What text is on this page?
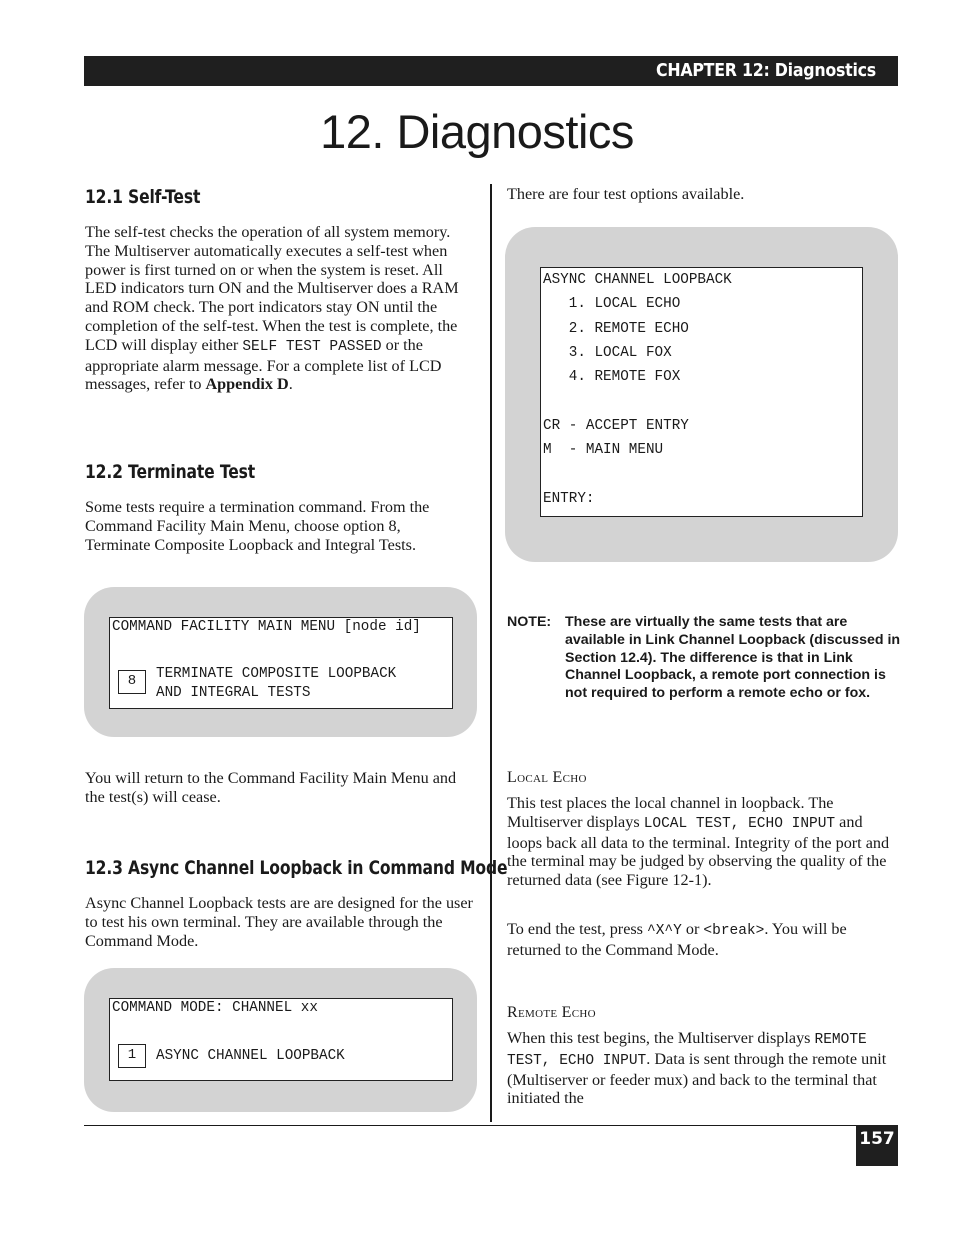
CHAPTER 12: Diagnostics
12. Diagnostics
12.1 Self-Test

The self-test checks the operation of all system memory. The Multiserver automatically executes a self-test when power is first turned on or when the system is reset. All LED indicators turn ON and the Multiserver does a RAM and ROM check. The port indicators stay ON until the completion of the self-test. When the test is complete, the LCD will display either SELF TEST PASSED or the appropriate alarm message. For a complete list of LCD messages, refer to Appendix D.

12.2 Terminate Test

Some tests require a termination command. From the Command Facility Main Menu, choose option 8, Terminate Composite Loopback and Integral Tests.

COMMAND FACILITY MAIN MENU [node id]
8	TERMINATE COMPOSITE LOOPBACK
AND INTEGRAL TESTS

You will return to the Command Facility Main Menu and the test(s) will cease.

12.3 Async Channel Loopback in Command Mode

Async Channel Loopback tests are are designed for the user to test his own terminal. They are available through the Command Mode.

COMMAND MODE: CHANNEL xx
1	ASYNC CHANNEL LOOPBACK

There are four test options available.

ASYNC CHANNEL LOOPBACK
1. LOCAL ECHO
2. REMOTE ECHO
3. LOCAL FOX
4. REMOTE FOX
CR - ACCEPT ENTRY
M  - MAIN MENU
ENTRY:
NOTE: These are virtually the same tests that are available in Link Channel Loopback (discussed in Section 12.4). The difference is that in Link Channel Loopback, a remote port connection is not required to perform a remote echo or fox.
Local Echo

This test places the local channel in loopback. The Multiserver displays LOCAL TEST, ECHO INPUT and loops back all data to the terminal. Integrity of the port and the terminal may be judged by observing the quality of the returned data (see Figure 12-1).

To end the test, press ^X^Y or <break>. You will be returned to the Command Mode.

Remote Echo

When this test begins, the Multiserver displays REMOTE TEST, ECHO INPUT. Data is sent through the remote unit (Multiserver or feeder mux) and back to the terminal that initiated the

157
